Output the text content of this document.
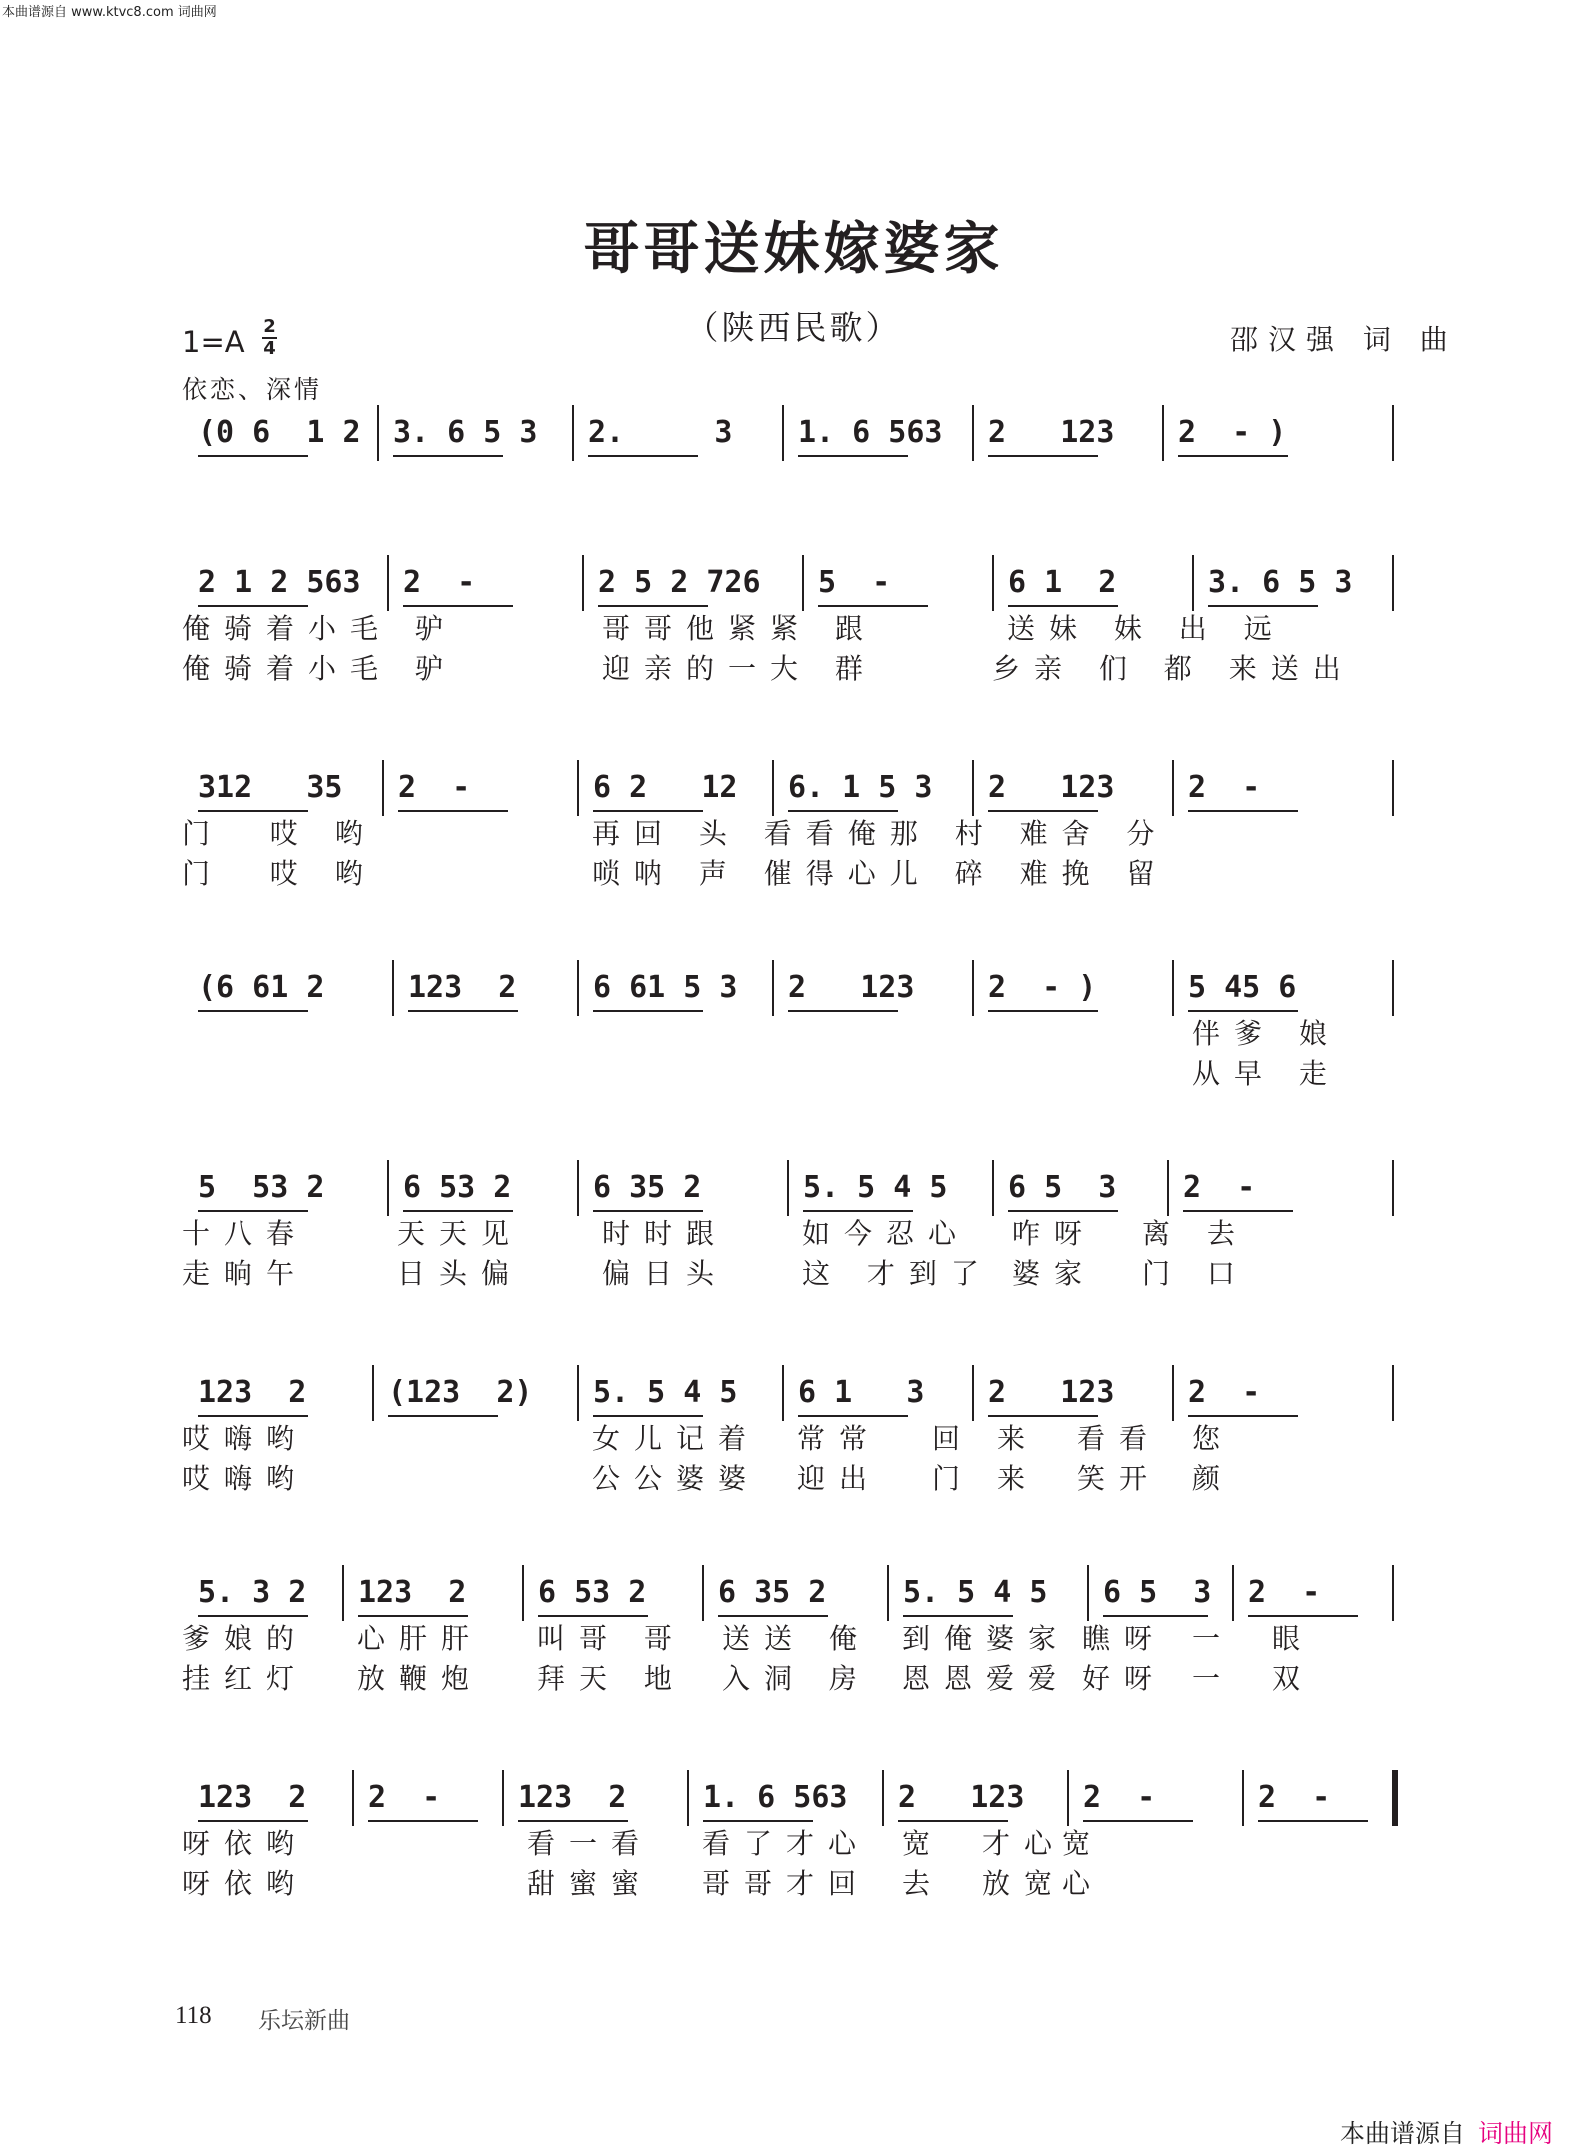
本曲谱源自 www.ktvc8.com 词曲网
哥哥送妹嫁婆家
（陕西民歌）
1=A 2
4	邵汉强 词 曲
依恋、深情
(0 6  1 2 3. 6 5 3	2.     3	1. 6 563	2   123	2  - )
2 1 2 563	2  -	2 5 2 726	5  -	6 1  2	3. 6 5 3
俺骑着小毛 驴	哥哥他紧紧 跟	送妹 妹 出 远
俺骑着小毛 驴	迎亲的一大 群	乡亲 们 都 来送出
312   35	2  -	6 2   12	6. 1 5 3	2   123	2  -
门  哎 哟	再回 头 看看俺那 村 难舍 分
门  哎 哟	唢呐 声 催得心儿 碎 难挽 留
(6 61 2	123  2	6 61 5 3	2   123	2  - )	5 45 6
伴爹 娘
从早 走
5  53 2	6 53 2	6 35 2	5. 5 4 5	6 5  3	2  -
十八春	天天见	时时跟	如今忍心 咋呀 离 去
走晌午	日头偏	偏日头	这 才到了 婆家 门 口
123  2	(123  2)	5. 5 4 5	6 1   3	2   123	2  -
哎嗨哟	女儿记着 常常 回 来 看看 您
哎嗨哟	公公婆婆 迎出 门 来 笑开 颜
5. 3 2	123  2	6 53 2	6 35 2	5. 5 4 5	6 5  3	2  -
爹娘的 心肝肝 叫哥 哥 送送 俺 到俺婆家 瞧呀 一 眼
挂红灯 放鞭炮 拜天 地 入洞 房 恩恩爱爱 好呀 一 双
123  2	2  -	123  2	1. 6 563	2   123	2  -	2  -
呀依哟	看一看 看了才心 宽 才心
宽
呀依哟	甜蜜蜜 哥哥才回 去 放宽
心
118 乐坛新曲
本曲谱源自 词曲网
